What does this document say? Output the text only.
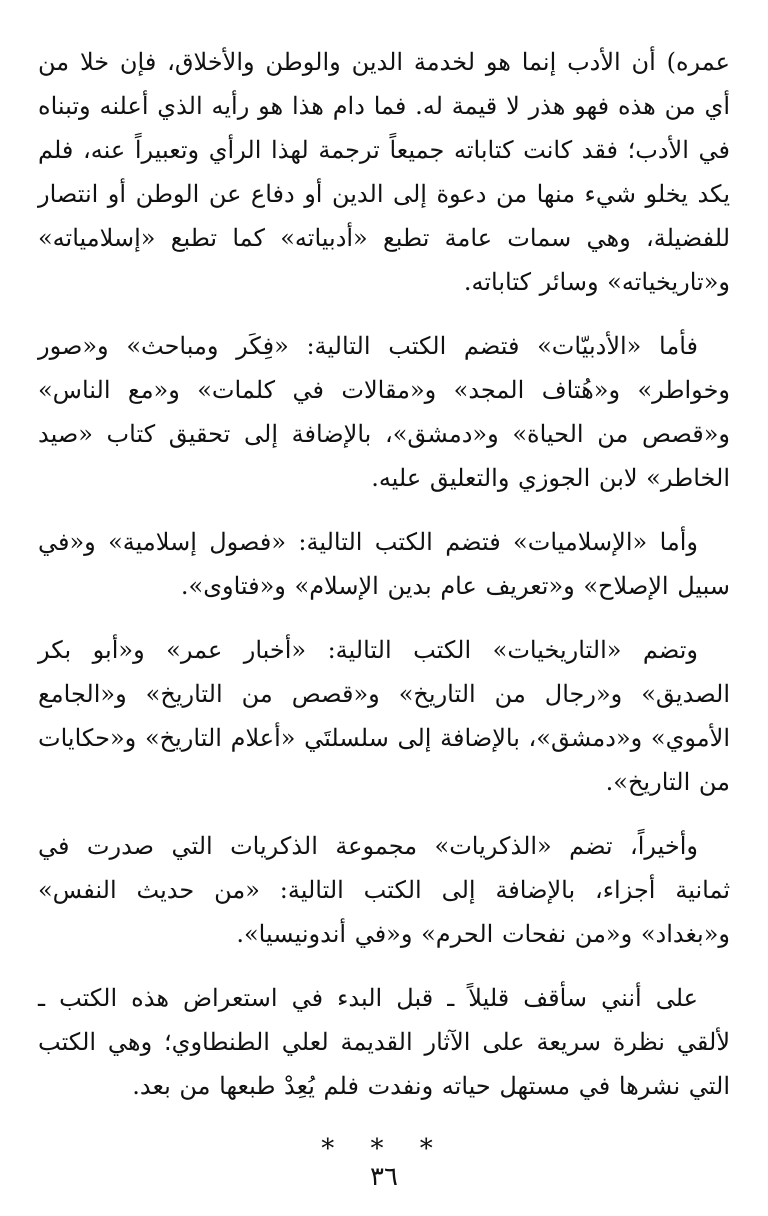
عمره) أن الأدب إنما هو لخدمة الدين والوطن والأخلاق، فإن خلا من أي من هذه فهو هذر لا قيمة له. فما دام هذا هو رأيه الذي أعلنه وتبناه في الأدب؛ فقد كانت كتاباته جميعاً ترجمة لهذا الرأي وتعبيراً عنه، فلم يكد يخلو شيء منها من دعوة إلى الدين أو دفاع عن الوطن أو انتصار للفضيلة، وهي سمات عامة تطبع «أدبياته» كما تطبع «إسلامياته» و«تاريخياته» وسائر كتاباته.

فأما «الأدبيّات» فتضم الكتب التالية: «فِكَر ومباحث» و«صور وخواطر» و«هُتاف المجد» و«مقالات في كلمات» و«مع الناس» و«قصص من الحياة» و«دمشق»، بالإضافة إلى تحقيق كتاب «صيد الخاطر» لابن الجوزي والتعليق عليه.

وأما «الإسلاميات» فتضم الكتب التالية: «فصول إسلامية» و«في سبيل الإصلاح» و«تعريف عام بدين الإسلام» و«فتاوى».

وتضم «التاريخيات» الكتب التالية: «أخبار عمر» و«أبو بكر الصديق» و«رجال من التاريخ» و«قصص من التاريخ» و«الجامع الأموي» و«دمشق»، بالإضافة إلى سلسلتَي «أعلام التاريخ» و«حكايات من التاريخ».

وأخيراً، تضم «الذكريات» مجموعة الذكريات التي صدرت في ثمانية أجزاء، بالإضافة إلى الكتب التالية: «من حديث النفس» و«بغداد» و«من نفحات الحرم» و«في أندونيسيا».

على أنني سأقف قليلاً ـ قبل البدء في استعراض هذه الكتب ـ لألقي نظرة سريعة على الآثار القديمة لعلي الطنطاوي؛ وهي الكتب التي نشرها في مستهل حياته ونفدت فلم يُعِدْ طبعها من بعد.

* * *
٣٦
